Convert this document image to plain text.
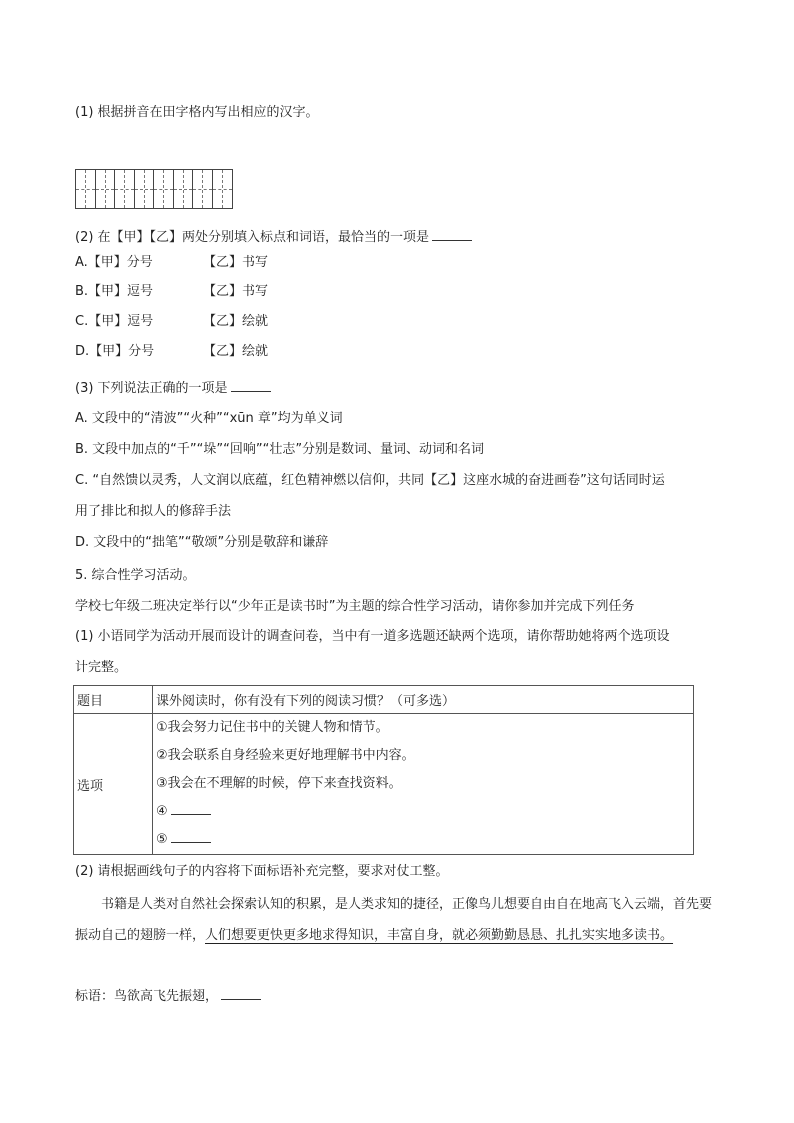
(1) 根据拼音在田字格内写出相应的汉字。
(2) 在【甲】【乙】两处分别填入标点和词语，最恰当的一项是
A.【甲】分号	【乙】书写
B.【甲】逗号	【乙】书写
C.【甲】逗号	【乙】绘就
D.【甲】分号	【乙】绘就
(3) 下列说法正确的一项是
A. 文段中的“清波”“火种”“xūn 章”均为单义词
B. 文段中加点的“千”“垛”“回响”“壮志”分别是数词、量词、动词和名词
C. “自然馈以灵秀，人文润以底蕴，红色精神燃以信仰，共同【乙】这座水城的奋进画卷”这句话同时运
用了排比和拟人的修辞手法
D. 文段中的“拙笔”“敬颂”分别是敬辞和谦辞
5. 综合性学习活动。
学校七年级二班决定举行以“少年正是读书时”为主题的综合性学习活动，请你参加并完成下列任务
(1) 小语同学为活动开展而设计的调查问卷，当中有一道多选题还缺两个选项，请你帮助她将两个选项设
计完整。
题目	课外阅读时，你有没有下列的阅读习惯？（可多选）
选项	①我会努力记住书中的关键人物和情节。
②我会联系自身经验来更好地理解书中内容。
③我会在不理解的时候，停下来查找资料。
④
⑤
(2) 请根据画线句子的内容将下面标语补充完整，要求对仗工整。
书籍是人类对自然社会探索认知的积累，是人类求知的捷径，正像鸟儿想要自由自在地高飞入云端，首先要振动自己的翅膀一样，人们想要更快更多地求得知识，丰富自身，就必须勤勤恳恳、扎扎实实地多读书。
标语：鸟欲高飞先振翅，
